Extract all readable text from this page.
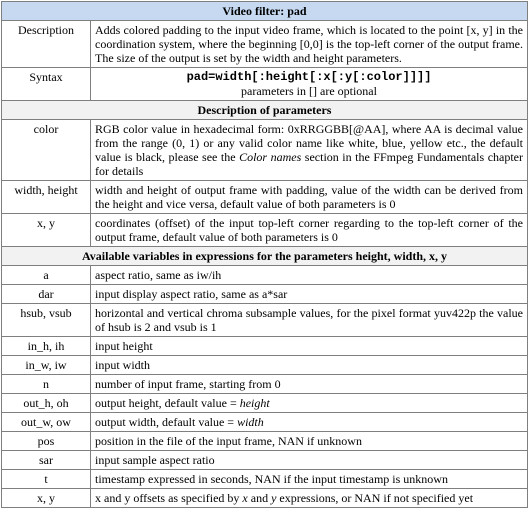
Video filter: pad	
Description	Adds colored padding to the input video frame, which is located to the point [x, y] in the coordination system, where the beginning [0,0] is the top-left corner of the output frame. The size of the output is set by the width and height parameters.
Syntax	pad=width[:height[:x[:y[:color]]]]
parameters in [] are optional

Description of parameters	
color	RGB color value in hexadecimal form: 0xRRGGBB[@AA], where AA is decimal value from the range (0, 1) or any valid color name like white, blue, yellow etc., the default value is black, please see the Color names section in the FFmpeg Fundamentals chapter for details
width, height	width and height of output frame with padding, value of the width can be derived from the height and vice versa, default value of both parameters is 0
x, y	coordinates (offset) of the input top-left corner regarding to the top-left corner of the output frame, default value of both parameters is 0
Available variables in expressions for the parameters height, width, x, y	
a	aspect ratio, same as iw/ih
dar	input display aspect ratio, same as a*sar
hsub, vsub	horizontal and vertical chroma subsample values, for the pixel format yuv422p the value of hsub is 2 and vsub is 1
in_h, ih	input height
in_w, iw	input width
n	number of input frame, starting from 0
out_h, oh	output height, default value = height
out_w, ow	output width, default value = width
pos	position in the file of the input frame, NAN if unknown
sar	input sample aspect ratio
t	timestamp expressed in seconds, NAN if the input timestamp is unknown
x, y	x and y offsets as specified by x and y expressions, or NAN if not specified yet
